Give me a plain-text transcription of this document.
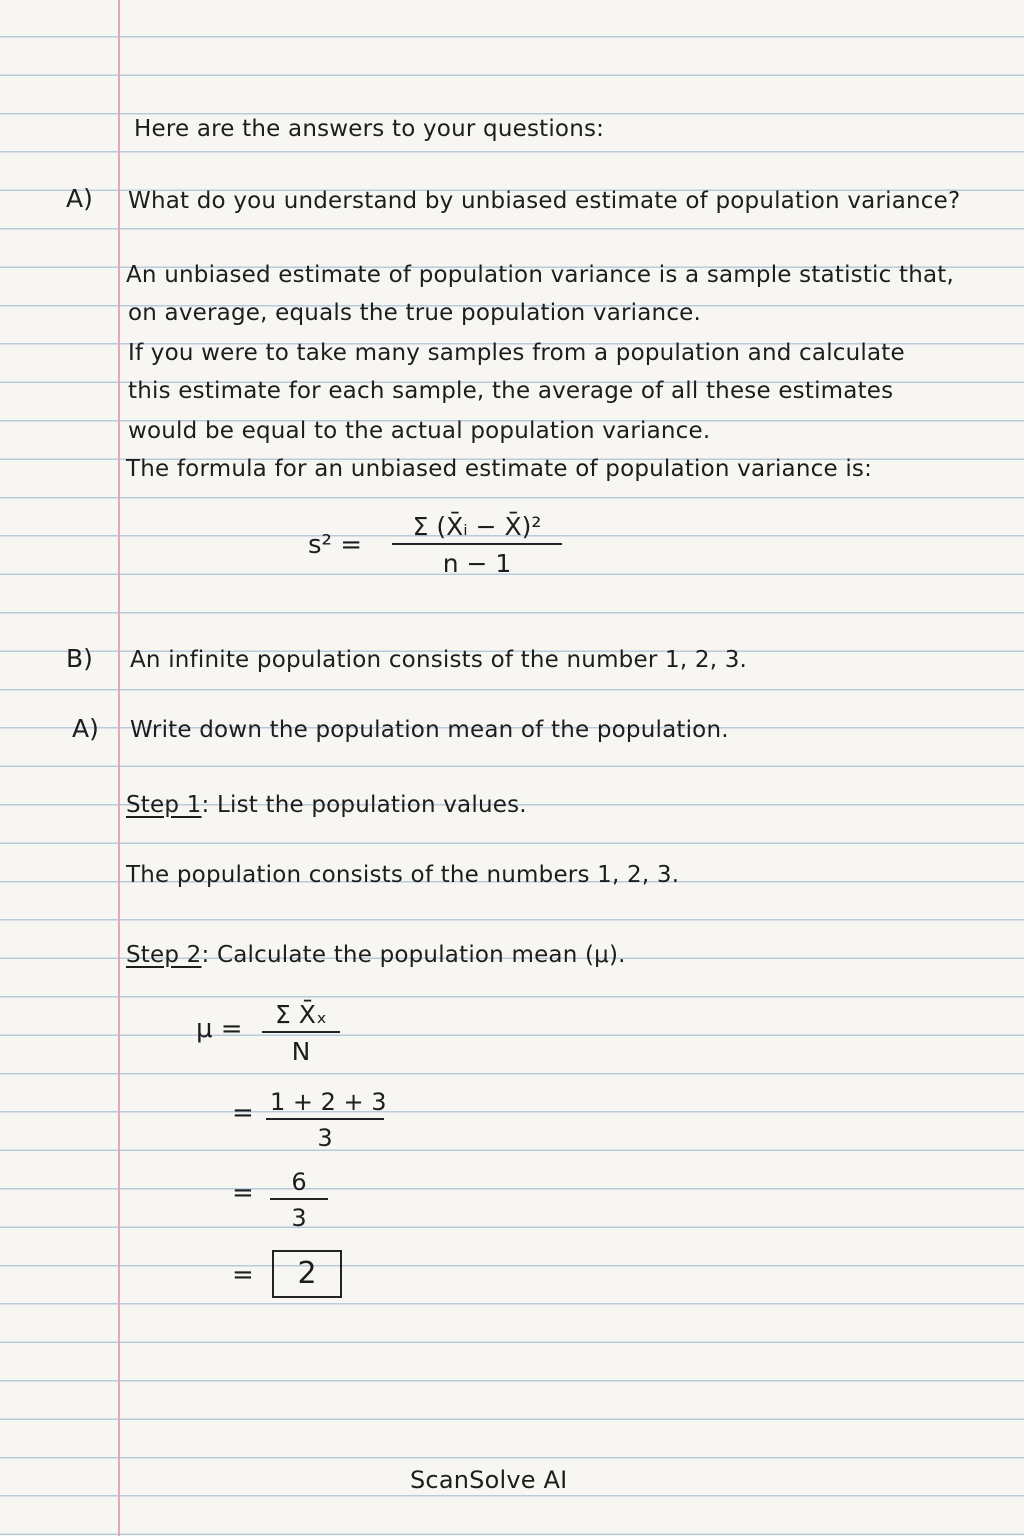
Here are the answers to your questions:
A) What do you understand by unbiased estimate of population variance?
An unbiased estimate of population variance is a sample statistic that,
on average, equals the true population variance.
If you were to take many samples from a population and calculate
this estimate for each sample, the average of all these estimates
would be equal to the actual population variance.
The formula for an unbiased estimate of population variance is:
$s^2 = \frac{\text{Σ (X̄ᵢ − X̄)²}}{n - 1}$
B) An infinite population consists of the number 1, 2, 3.
A) Write down the population mean of the population.
Step 1: List the population values.
The population consists of the numbers 1, 2, 3.
Step 2: Calculate the population mean (μ).
$\mu = \frac{\text{Σ X̄ₓ}}{N}$
= $\frac{1 + 2 + 3}{3}$
= $\frac{6}{3}$
=	2
ScanSolve AI
